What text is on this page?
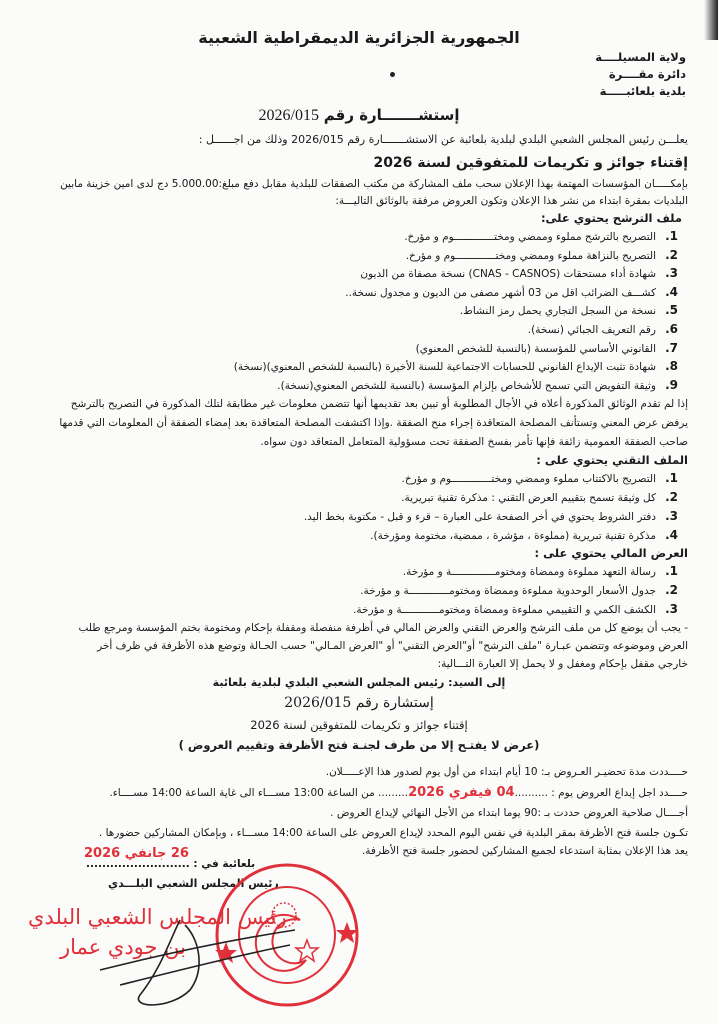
الجمهورية الجزائرية الديمقراطية الشعبية
ولاية المسيلــــة
دائرة مقــــرة
بلدية بلعائبـــــة
إستشـــــــارة رقم 2026/015
يعلـــن رئيس المجلس الشعبي البلدي لبلدية بلعائبة عن الاستشـــــــارة رقم 2026/015 وذلك من اجــــــل :
إقتناء جوائز و تكريمات للمتفوقين لسنة 2026
بإمكـــــان المؤسسات المهتمة بهذا الإعلان سحب ملف المشاركة من مكتب الصفقات للبلدية مقابل دفع مبلغ:5.000.00 دج لدى امين خزينة مابين
البلديات بمقرة ابتداء من نشر هذا الإعلان وتكون العروض مرفقة بالوثائق التاليـــة:
ملف الترشح يحتوي على:
1.التصريح بالترشح مملوء وممضي ومختـــــــــــــوم و مؤرخ.
2.التصريح بالنزاهة مملوء وممضي ومختـــــــــــــوم و مؤرخ.
3.شهادة أداء مستحقات (CNAS - CASNOS) نسخة مصفاة من الديون
4.كشـــف الضرائب اقل من 03 أشهر مصفى من الديون و مجدول نسخة..
5.نسخة من السجل التجاري يحمل رمز النشاط.
6.رقم التعريف الجبائي (نسخة).
7.القانوني الأساسي للمؤسسة (بالنسبة للشخص المعنوي)
8.شهادة تثبت الإيداع القانوني للحسابات الاجتماعية للسنة الأخيرة (بالنسبة للشخص المعنوي)(نسخة)
9.وثيقة التفويض التي تسمح للأشخاص بإلزام المؤسسة (بالنسبة للشخص المعنوي(نسخة).
إذا لم تقدم الوثائق المذكورة أعلاه في الأجال المطلوبة أو تبين بعد تقديمها أنها تتضمن معلومات غير مطابقة لتلك المذكورة في التصريح بالترشح
يرفض عرض المعني وتستأنف المصلحة المتعاقدة إجراء منح الصفقة .وإذا اكتشفت المصلحة المتعاقدة بعد إمضاء الصفقة أن المعلومات التي قدمها
صاحب الصفقة العمومية زائفة فإنها تأمر بفسخ الصفقة تحت مسؤولية المتعامل المتعاقد دون سواه.
الملف التقني يحتوي على :
1.التصريح بالاكتتاب مملوء وممضي ومختـــــــــــــوم و مؤرخ.
2.كل وثيقة تسمح بتقييم العرض التقني : مذكرة تقنية تبريرية.
3.دفتر الشروط يحتوي في أخر الصفحة على العبارة – قرء و قبل - مكتوبة بخط اليد.
4.مذكرة تقنية تبريرية (مملوءة ، مؤشرة ، ممضية، مختومة ومؤرخة).
العرض المالي يحتوي على :
1.رسالة التعهد مملوءة وممضاة ومختومــــــــــــــة و مؤرخة.
2.جدول الأسعار الوحدوية مملوءة وممضاة ومختومـــــــــــــة و مؤرخة.
3.الكشف الكمي و التقييمي مملوءة وممضاة ومختومــــــــــــة و مؤرخة.
- يجب أن يوضع كل من ملف الترشح والعرض التقني والعرض المالي في أظرفة منفصلة ومقفلة بإحكام ومختومة بختم المؤسسة ومرجع طلب
العرض وموضوعه وتتضمن عبـارة "ملف الترشح" أو"العرض التقني" أو "العرض المـالي" حسب الحـالة وتوضع هذه الأظرفة في ظرف أخر
خارجي مقفل بإحكام ومغفل و لا يحمل إلا العبارة التـــالية:
إلى السيد: رئيس المجلس الشعبي البلدي لبلدية بلعائبة
إستشارة رقم 2026/015
إقتناء جوائز و تكريمات للمتفوقين لسنة 2026
(عرض لا يفتـح إلا من طرف لجنـة فتح الأظرفة وتقييم العروض )
حــــددت مدة تحضيـر العـروض بـ: 10 أيام ابتداء من أول يوم لصدور هذا الإعـــــلان.
حــــدد اجل إيداع العروض يوم : ..........04 فيفري 2026......... من الساعة 13:00 مســـاء الى غاية الساعة 14:00 مســــاء.
أجــــال صلاحية العروض حددت بـ :90 يوما ابتداء من الأجل النهائي لإيداع العروض .
تكـون جلسة فتح الأظرفة بمقر البلدية في نفس اليوم المحدد لإيداع العروض على الساعة 14:00 مســـاء ، وبإمكان المشاركين حضورها .
يعد هذا الإعلان بمثابة استدعاء لجميع المشاركين لحضور جلسة فتح الأظرفة.
26 جانفي 2026
بلعائبة في : ..........................
رئيس المجلس الشعبي البلـــدي
رئيس المجلس الشعبي البلدي
بن جودي عمار
